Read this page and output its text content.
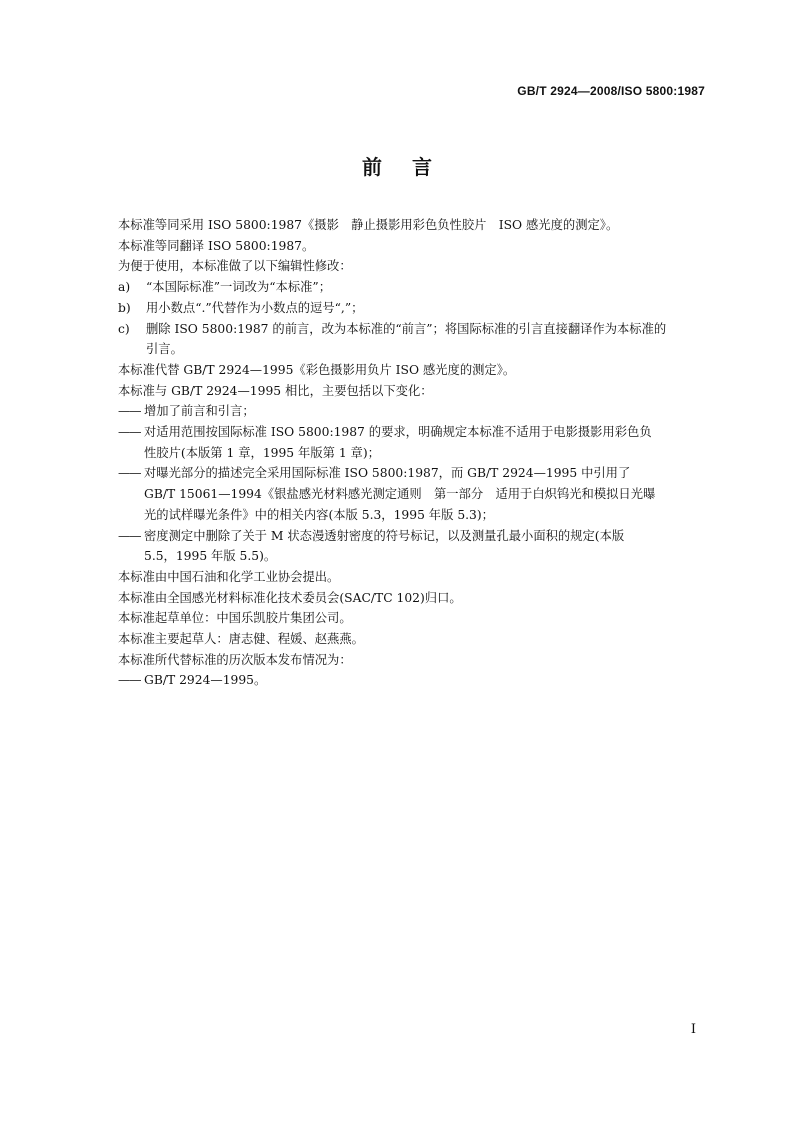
GB/T 2924—2008/ISO 5800:1987
前言
本标准等同采用 ISO 5800:1987《摄影　静止摄影用彩色负性胶片　ISO 感光度的测定》。
本标准等同翻译 ISO 5800:1987。
为便于使用，本标准做了以下编辑性修改：
a)	“本国际标准”一词改为“本标准”；
b)	用小数点“.”代替作为小数点的逗号“,”；
c)	删除 ISO 5800:1987 的前言，改为本标准的“前言”；将国际标准的引言直接翻译作为本标准的
引言。
本标准代替 GB/T 2924—1995《彩色摄影用负片 ISO 感光度的测定》。
本标准与 GB/T 2924—1995 相比，主要包括以下变化：
—— 增加了前言和引言；
—— 对适用范围按国际标准 ISO 5800:1987 的要求，明确规定本标准不适用于电影摄影用彩色负
性胶片(本版第 1 章，1995 年版第 1 章)；
—— 对曝光部分的描述完全采用国际标准 ISO 5800:1987，而 GB/T 2924—1995 中引用了
GB/T 15061—1994《银盐感光材料感光测定通则　第一部分　适用于白炽钨光和模拟日光曝
光的试样曝光条件》中的相关内容(本版 5.3，1995 年版 5.3)；
—— 密度测定中删除了关于 M 状态漫透射密度的符号标记，以及测量孔最小面积的规定(本版
5.5，1995 年版 5.5)。
本标准由中国石油和化学工业协会提出。
本标准由全国感光材料标准化技术委员会(SAC/TC 102)归口。
本标准起草单位：中国乐凯胶片集团公司。
本标准主要起草人：唐志健、程媛、赵燕燕。
本标准所代替标准的历次版本发布情况为：
—— GB/T 2924—1995。
I
